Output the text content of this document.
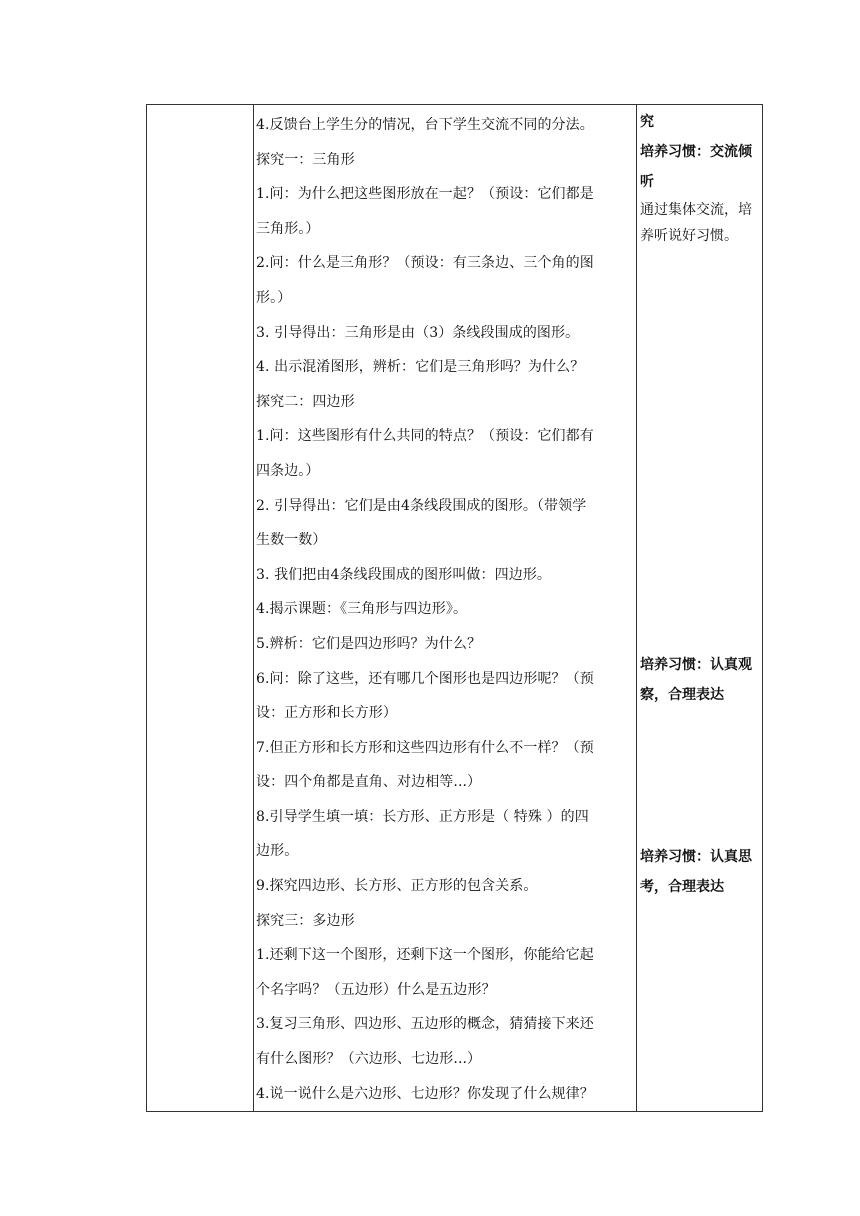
4.反馈台上学生分的情况，台下学生交流不同的分法。
探究一：三角形
1.问：为什么把这些图形放在一起？（预设：它们都是
三角形。）
2.问：什么是三角形？（预设：有三条边、三个角的图
形。）
3. 引导得出：三角形是由（3）条线段围成的图形。
4. 出示混淆图形，辨析：它们是三角形吗？为什么？
探究二：四边形
1.问：这些图形有什么共同的特点？（预设：它们都有
四条边。）
2. 引导得出：它们是由4条线段围成的图形。（带领学
生数一数）
3. 我们把由4条线段围成的图形叫做：四边形。
4.揭示课题：《三角形与四边形》。
5.辨析：它们是四边形吗？为什么？
6.问：除了这些，还有哪几个图形也是四边形呢？（预
设：正方形和长方形）
7.但正方形和长方形和这些四边形有什么不一样？（预
设：四个角都是直角、对边相等...）
8.引导学生填一填：长方形、正方形是（ 特殊 ）的四
边形。
9.探究四边形、长方形、正方形的包含关系。
探究三：多边形
1.还剩下这一个图形，还剩下这一个图形，你能给它起
个名字吗？（五边形）什么是五边形？
3.复习三角形、四边形、五边形的概念，猜猜接下来还
有什么图形？（六边形、七边形...）
4.说一说什么是六边形、七边形？你发现了什么规律？

究
培养习惯：交流倾
听
通过集体交流，培
养听说好习惯。
培养习惯：认真观
察，合理表达
培养习惯：认真思
考，合理表达
